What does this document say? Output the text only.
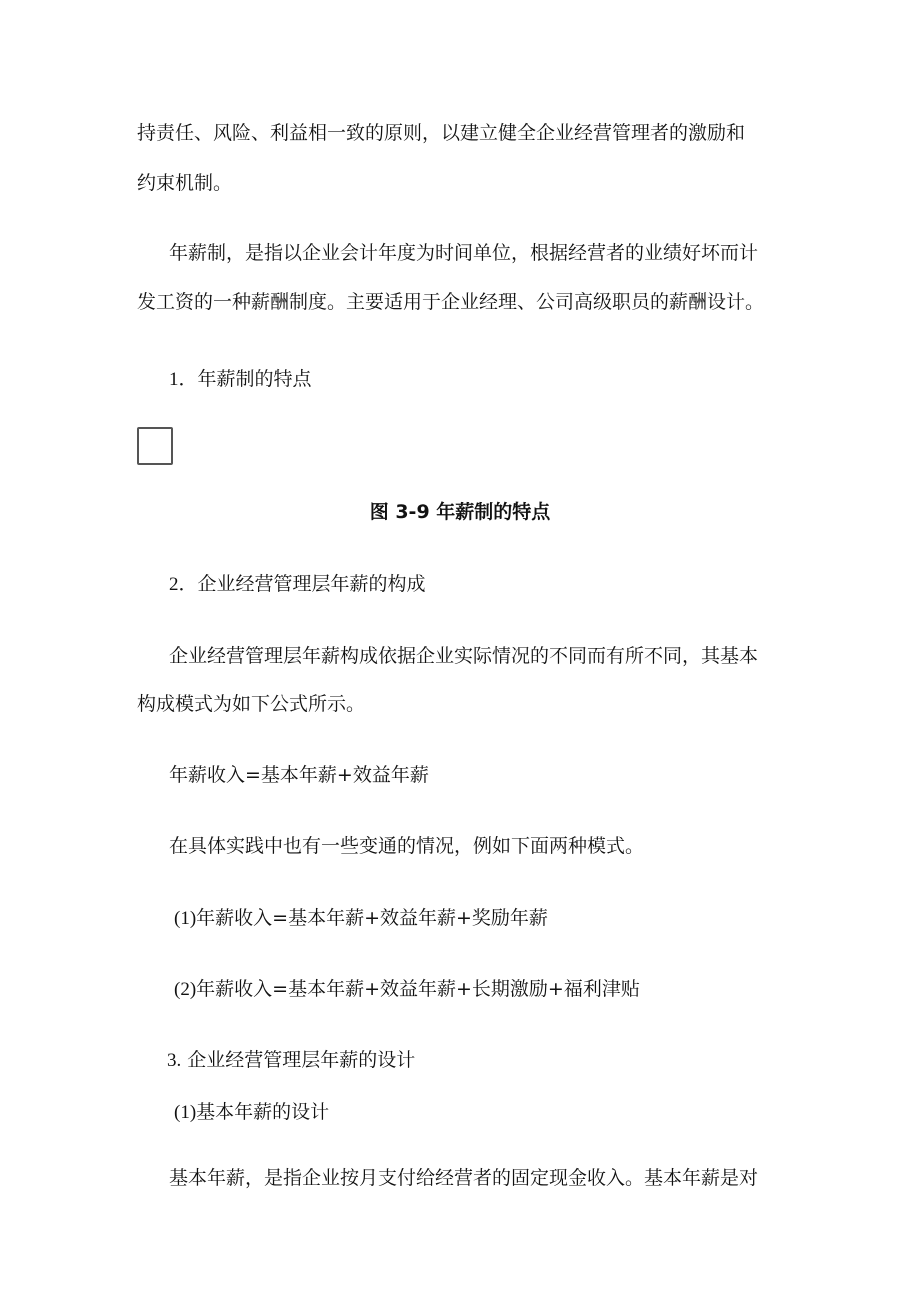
持责任、风险、利益相一致的原则，以建立健全企业经营管理者的激励和
约束机制。
年薪制，是指以企业会计年度为时间单位，根据经营者的业绩好坏而计
发工资的一种薪酬制度。主要适用于企业经理、公司高级职员的薪酬设计。
1．年薪制的特点
图 3-9 年薪制的特点
2．企业经营管理层年薪的构成
企业经营管理层年薪构成依据企业实际情况的不同而有所不同，其基本
构成模式为如下公式所示。
年薪收入=基本年薪+效益年薪
在具体实践中也有一些变通的情况，例如下面两种模式。
(1)年薪收入=基本年薪+效益年薪+奖励年薪
(2)年薪收入=基本年薪+效益年薪+长期激励+福利津贴
3. 企业经营管理层年薪的设计
(1)基本年薪的设计
基本年薪，是指企业按月支付给经营者的固定现金收入。基本年薪是对
